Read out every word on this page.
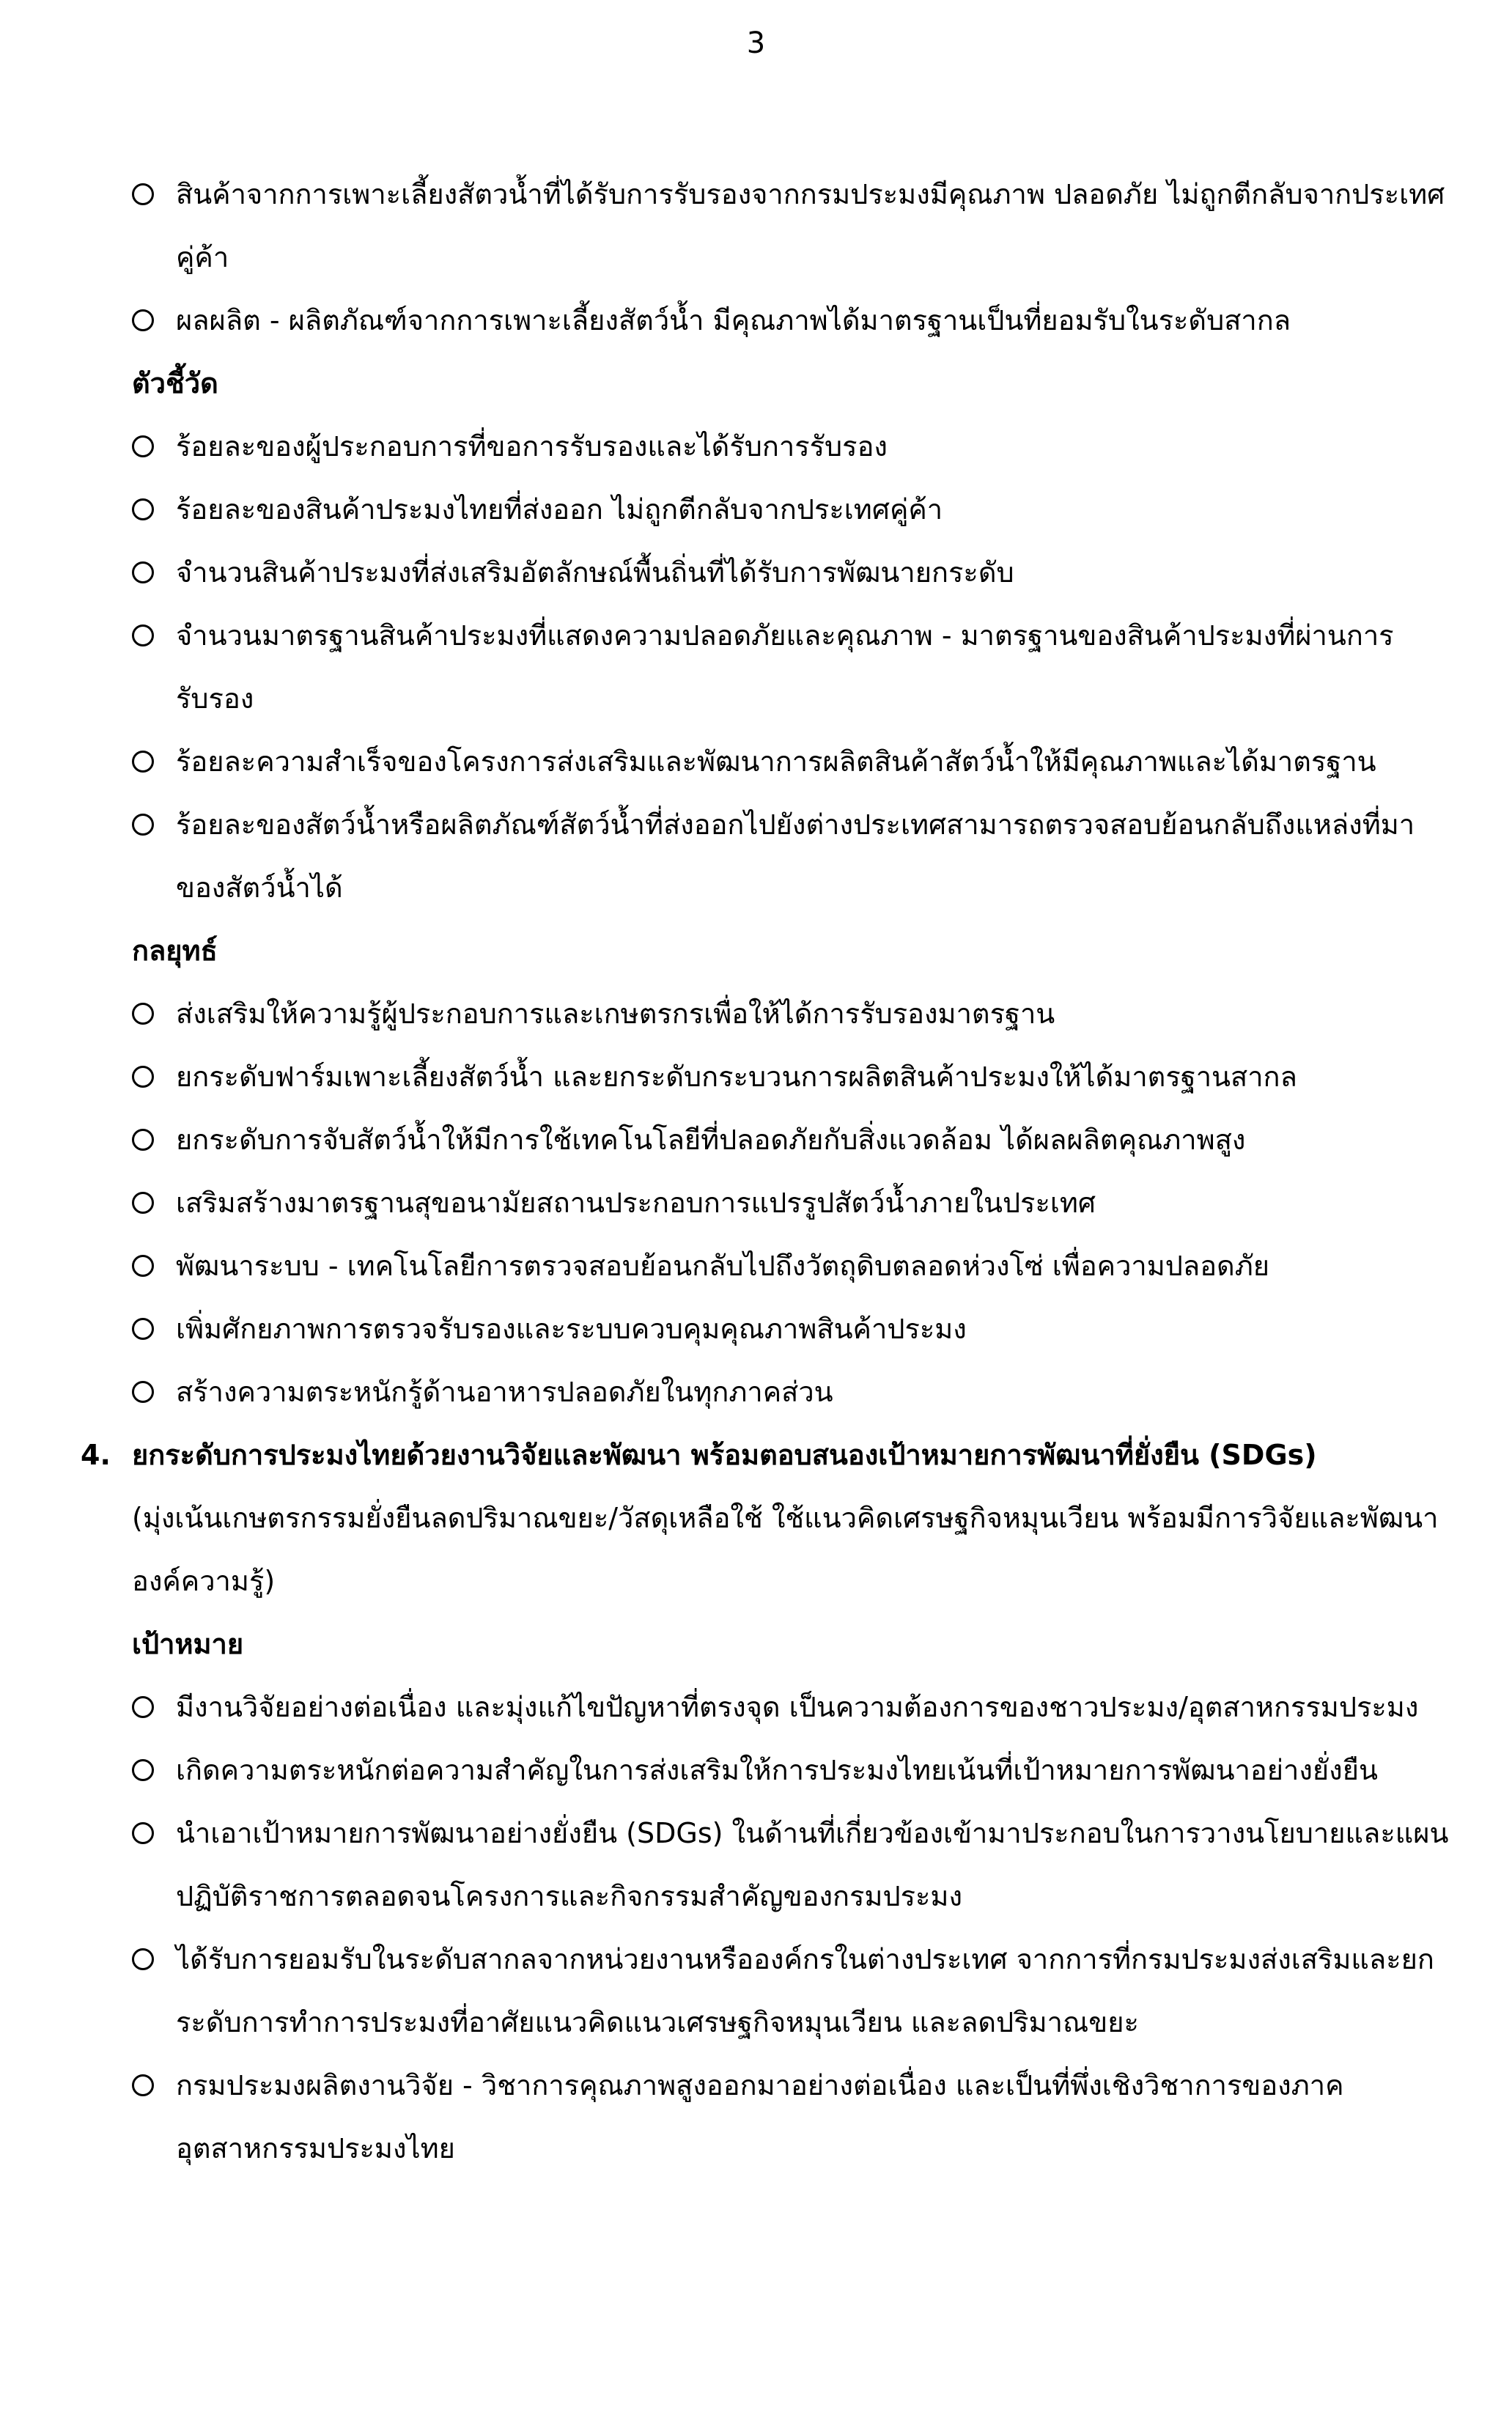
3
สินค้าจากการเพาะเลี้ยงสัตวน้ำที่ได้รับการรับรองจากกรมประมงมีคุณภาพ ปลอดภัย ไม่ถูกตีกลับจากประเทศคู่ค้า
ผลผลิต - ผลิตภัณฑ์จากการเพาะเลี้ยงสัตว์น้ำ มีคุณภาพได้มาตรฐานเป็นที่ยอมรับในระดับสากล
ตัวชี้วัด
ร้อยละของผู้ประกอบการที่ขอการรับรองและได้รับการรับรอง
ร้อยละของสินค้าประมงไทยที่ส่งออก ไม่ถูกตีกลับจากประเทศคู่ค้า
จำนวนสินค้าประมงที่ส่งเสริมอัตลักษณ์พื้นถิ่นที่ได้รับการพัฒนายกระดับ
จำนวนมาตรฐานสินค้าประมงที่แสดงความปลอดภัยและคุณภาพ - มาตรฐานของสินค้าประมงที่ผ่านการรับรอง
ร้อยละความสำเร็จของโครงการส่งเสริมและพัฒนาการผลิตสินค้าสัตว์น้ำให้มีคุณภาพและได้มาตรฐาน
ร้อยละของสัตว์น้ำหรือผลิตภัณฑ์สัตว์น้ำที่ส่งออกไปยังต่างประเทศสามารถตรวจสอบย้อนกลับถึงแหล่งที่มาของสัตว์น้ำได้
กลยุทธ์
ส่งเสริมให้ความรู้ผู้ประกอบการและเกษตรกรเพื่อให้ได้การรับรองมาตรฐาน
ยกระดับฟาร์มเพาะเลี้ยงสัตว์น้ำ และยกระดับกระบวนการผลิตสินค้าประมงให้ได้มาตรฐานสากล
ยกระดับการจับสัตว์น้ำให้มีการใช้เทคโนโลยีที่ปลอดภัยกับสิ่งแวดล้อม ได้ผลผลิตคุณภาพสูง
เสริมสร้างมาตรฐานสุขอนามัยสถานประกอบการแปรรูปสัตว์น้ำภายในประเทศ
พัฒนาระบบ - เทคโนโลยีการตรวจสอบย้อนกลับไปถึงวัตถุดิบตลอดห่วงโซ่ เพื่อความปลอดภัย
เพิ่มศักยภาพการตรวจรับรองและระบบควบคุมคุณภาพสินค้าประมง
สร้างความตระหนักรู้ด้านอาหารปลอดภัยในทุกภาคส่วน
4. ยกระดับการประมงไทยด้วยงานวิจัยและพัฒนา พร้อมตอบสนองเป้าหมายการพัฒนาที่ยั่งยืน (SDGs)
(มุ่งเน้นเกษตรกรรมยั่งยืนลดปริมาณขยะ/วัสดุเหลือใช้ ใช้แนวคิดเศรษฐกิจหมุนเวียน พร้อมมีการวิจัยและพัฒนาองค์ความรู้)
เป้าหมาย
มีงานวิจัยอย่างต่อเนื่อง และมุ่งแก้ไขปัญหาที่ตรงจุด เป็นความต้องการของชาวประมง/อุตสาหกรรมประมง
เกิดความตระหนักต่อความสำคัญในการส่งเสริมให้การประมงไทยเน้นที่เป้าหมายการพัฒนาอย่างยั่งยืน
นำเอาเป้าหมายการพัฒนาอย่างยั่งยืน (SDGs) ในด้านที่เกี่ยวข้องเข้ามาประกอบในการวางนโยบายและแผนปฏิบัติราชการตลอดจนโครงการและกิจกรรมสำคัญของกรมประมง
ได้รับการยอมรับในระดับสากลจากหน่วยงานหรือองค์กรในต่างประเทศ จากการที่กรมประมงส่งเสริมและยกระดับการทำการประมงที่อาศัยแนวคิดแนวเศรษฐกิจหมุนเวียน และลดปริมาณขยะ
กรมประมงผลิตงานวิจัย - วิชาการคุณภาพสูงออกมาอย่างต่อเนื่อง และเป็นที่พึ่งเชิงวิชาการของภาคอุตสาหกรรมประมงไทย
